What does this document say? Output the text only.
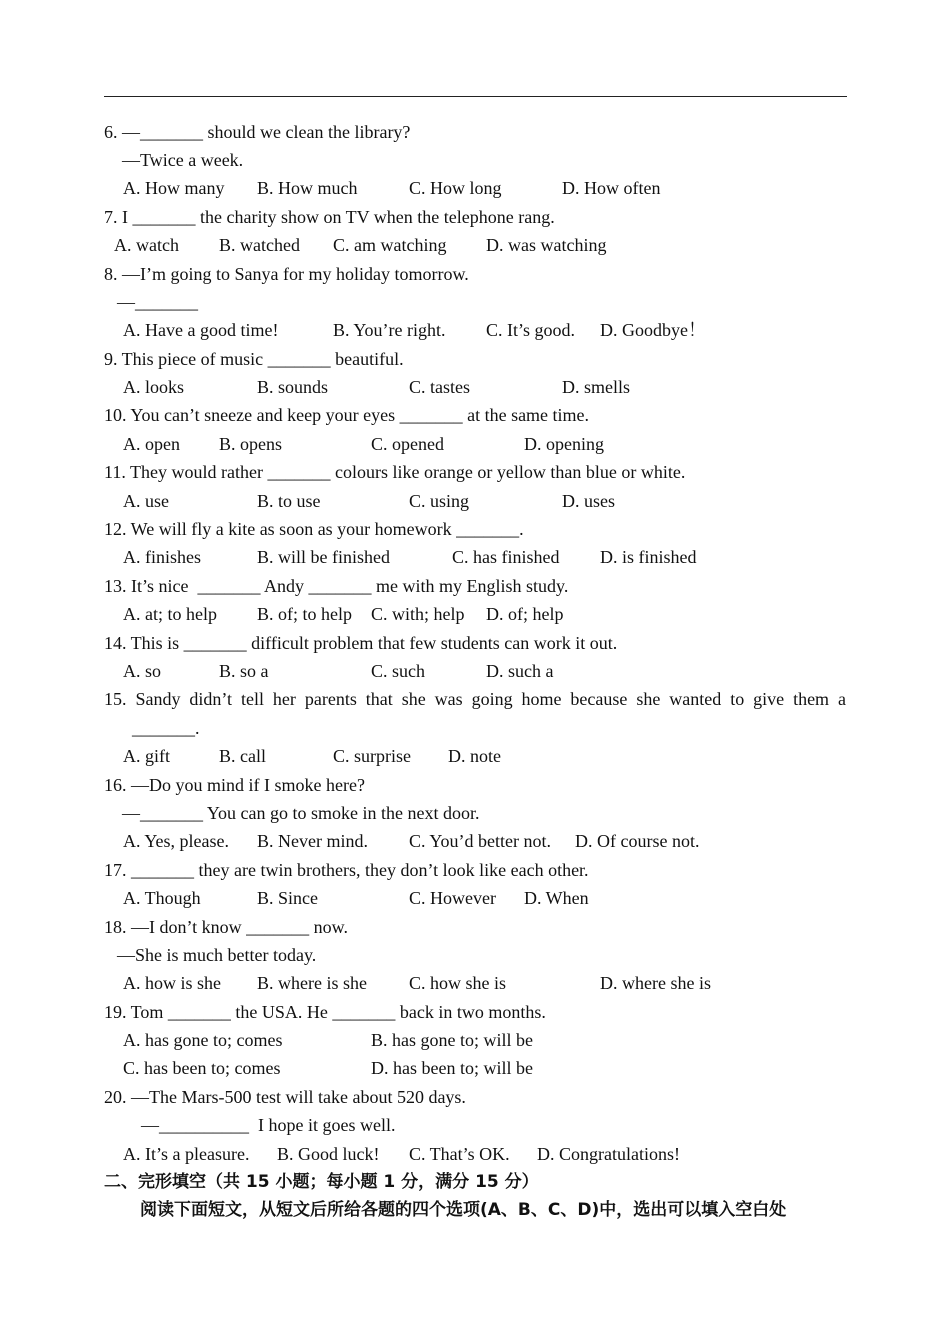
6. —_______ should we clean the library?
—Twice a week.
A. How many B. How much	C. How long	D. How often
7. I _______ the charity show on TV when the telephone rang.
A. watch B. watched C. am watching D. was watching
8. —I’m going to Sanya for my holiday tomorrow.
—_______
A. Have a good time!	B. You’re right. C. It’s good. D. Goodbye！
9. This piece of music _______ beautiful.
A. looks	B. sounds	C. tastes	D. smells
10. You can’t sneeze and keep your eyes _______ at the same time.
A. open B. opens	C. opened	D. opening
11. They would rather _______ colours like orange or yellow than blue or white.
A. use	B. to use	C. using	D. uses
12. We will fly a kite as soon as your homework _______.
A. finishes	B. will be finished	C. has finished D. is finished
13. It’s nice  _______ Andy _______ me with my English study.
A. at; to help B. of; to help C. with; help D. of; help
14. This is _______ difficult problem that few students can work it out.
A. so	B. so a	C. such	D. such a
15. Sandy didn’t tell her parents that she was going home because she wanted to give them a
_______.
A. gift	B. call	C. surprise D. note
16. —Do you mind if I smoke here?
—_______ You can go to smoke in the next door.
A. Yes, please. B. Never mind. C. You’d better not. D. Of course not.
17. _______ they are twin brothers, they don’t look like each other.
A. Though	B. Since	C. However D. When
18. —I don’t know _______ now.
—She is much better today.
A. how is she B. where is she C. how she is	D. where she is
19. Tom _______ the USA. He _______ back in two months.
A. has gone to; comes	B. has gone to; will be
C. has been to; comes	D. has been to; will be
20. —The Mars-500 test will take about 520 days.
—__________  I hope it goes well.
A. It’s a pleasure. B. Good luck! C. That’s OK. D. Congratulations!
二、完形填空（共 15 小题；每小题 1 分，满分 15 分）
阅读下面短文，从短文后所给各题的四个选项(A、B、C、D)中，选出可以填入空白处
